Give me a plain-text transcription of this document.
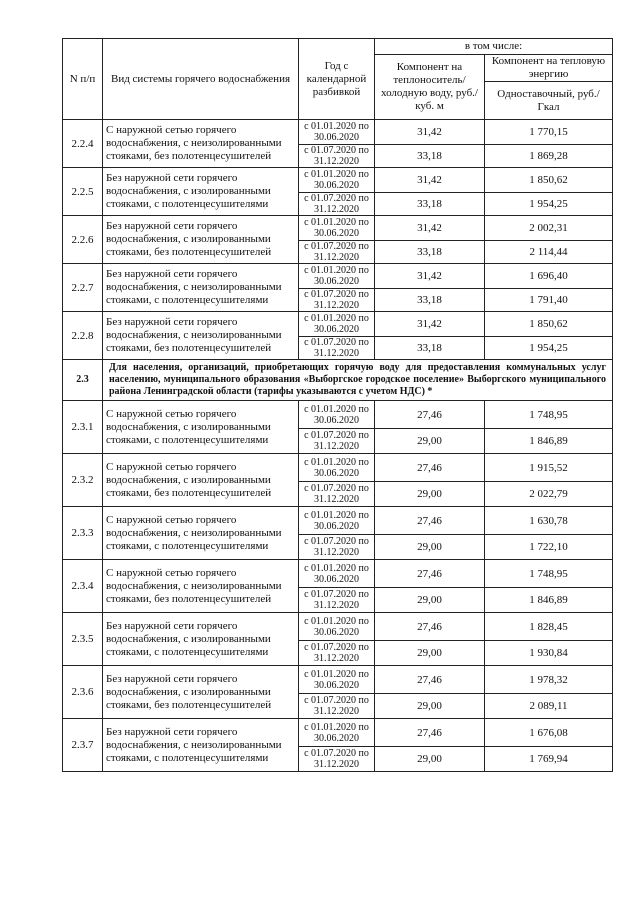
N п/п	Вид системы горячего водоснабжения	Год с календарной разбивкой	в том числе:	
			Компонент на теплоноситель/ холодную воду, руб./куб. м	Компонент на тепловую энергию
				Одноставочный, руб./Гкал
2.2.4	С наружной сетью горячего водоснабжения, с неизолированными стояками, без полотенцесушителей	с 01.01.2020 по 30.06.2020	31,42	1 770,15
		с 01.07.2020 по 31.12.2020	33,18	1 869,28
2.2.5	Без наружной сети горячего водоснабжения, с изолированными стояками, с полотенцесушителями	с 01.01.2020 по 30.06.2020	31,42	1 850,62
		с 01.07.2020 по 31.12.2020	33,18	1 954,25
2.2.6	Без наружной сети горячего водоснабжения, с изолированными стояками, без полотенцесушителей	с 01.01.2020 по 30.06.2020	31,42	2 002,31
		с 01.07.2020 по 31.12.2020	33,18	2 114,44
2.2.7	Без наружной сети горячего водоснабжения, с неизолированными стояками, с полотенцесушителями	с 01.01.2020 по 30.06.2020	31,42	1 696,40
		с 01.07.2020 по 31.12.2020	33,18	1 791,40
2.2.8	Без наружной сети горячего водоснабжения, с неизолированными стояками, без полотенцесушителей	с 01.01.2020 по 30.06.2020	31,42	1 850,62
		с 01.07.2020 по 31.12.2020	33,18	1 954,25
2.3	Для населения, организаций, приобретающих горячую воду для предоставления коммунальных услуг населению, муниципального образования «Выборгское городское поселение» Выборгского муниципального района Ленинградской области (тарифы указываются с учетом НДС) *			
2.3.1	С наружной сетью горячего водоснабжения, с изолированными стояками, с полотенцесушителями	с 01.01.2020 по 30.06.2020	27,46	1 748,95
		с 01.07.2020 по 31.12.2020	29,00	1 846,89
2.3.2	С наружной сетью горячего водоснабжения, с изолированными стояками, без полотенцесушителей	с 01.01.2020 по 30.06.2020	27,46	1 915,52
		с 01.07.2020 по 31.12.2020	29,00	2 022,79
2.3.3	С наружной сетью горячего водоснабжения, с неизолированными стояками, с полотенцесушителями	с 01.01.2020 по 30.06.2020	27,46	1 630,78
		с 01.07.2020 по 31.12.2020	29,00	1 722,10
2.3.4	С наружной сетью горячего водоснабжения, с неизолированными стояками, без полотенцесушителей	с 01.01.2020 по 30.06.2020	27,46	1 748,95
		с 01.07.2020 по 31.12.2020	29,00	1 846,89
2.3.5	Без наружной сети горячего водоснабжения, с изолированными стояками, с полотенцесушителями	с 01.01.2020 по 30.06.2020	27,46	1 828,45
		с 01.07.2020 по 31.12.2020	29,00	1 930,84
2.3.6	Без наружной сети горячего водоснабжения, с изолированными стояками, без полотенцесушителей	с 01.01.2020 по 30.06.2020	27,46	1 978,32
		с 01.07.2020 по 31.12.2020	29,00	2 089,11
2.3.7	Без наружной сети горячего водоснабжения, с неизолированными стояками, с полотенцесушителями	с 01.01.2020 по 30.06.2020	27,46	1 676,08
		с 01.07.2020 по 31.12.2020	29,00	1 769,94
